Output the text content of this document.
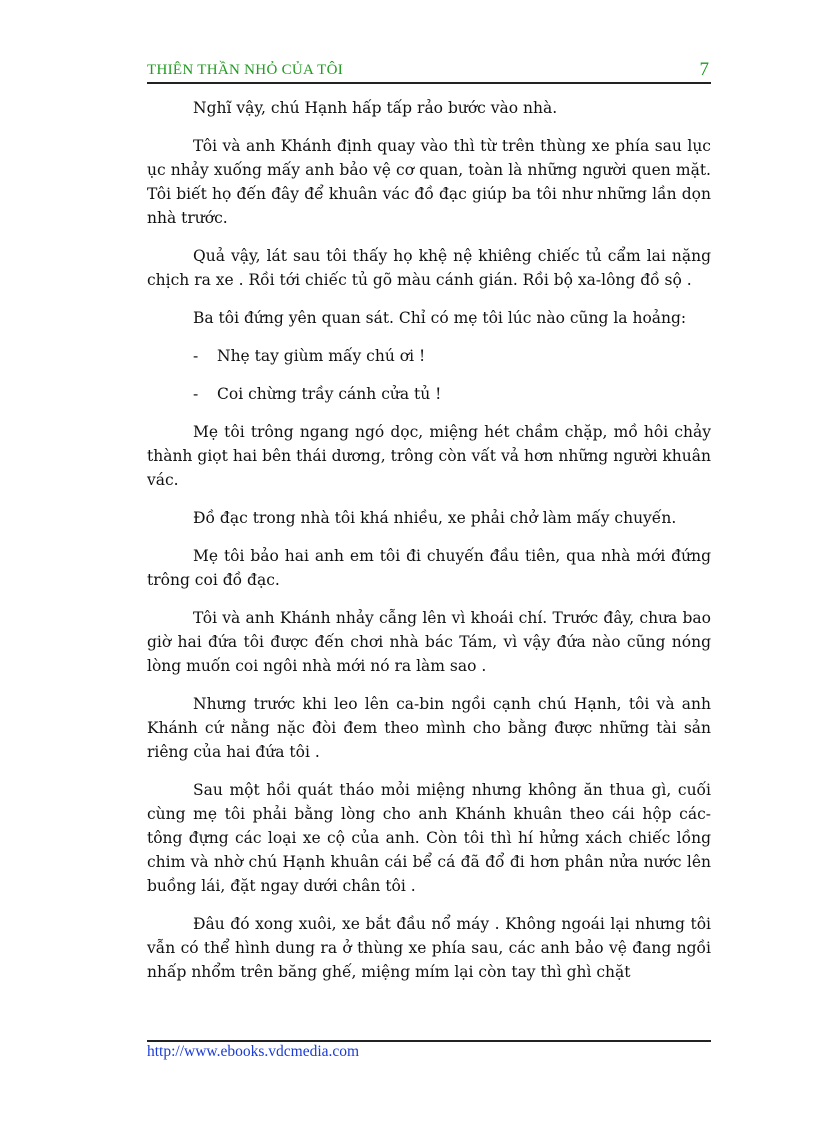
THIÊN THẦN NHỎ CỦA TÔI	7

Nghĩ vậy, chú Hạnh hấp tấp rảo bước vào nhà.

Tôi và anh Khánh định quay vào thì từ trên thùng xe phía sau lục ục nhảy xuống mấy anh bảo vệ cơ quan, toàn là những người quen mặt. Tôi biết họ đến đây để khuân vác đồ đạc giúp ba tôi như những lần dọn nhà trước.

Quả vậy, lát sau tôi thấy họ khệ nệ khiêng chiếc tủ cẩm lai nặng chịch ra xe . Rồi tới chiếc tủ gõ màu cánh gián. Rồi bộ xa-lông đồ sộ .

Ba tôi đứng yên quan sát. Chỉ có mẹ tôi lúc nào cũng la hoảng:

-	Nhẹ tay giùm mấy chú ơi !
-	Coi chừng trầy cánh cửa tủ !

Mẹ tôi trông ngang ngó dọc, miệng hét chầm chặp, mồ hôi chảy thành giọt hai bên thái dương, trông còn vất vả hơn những người khuân vác.

Đồ đạc trong nhà tôi khá nhiều, xe phải chở làm mấy chuyến.

Mẹ tôi bảo hai anh em tôi đi chuyến đầu tiên, qua nhà mới đứng trông coi đồ đạc.

Tôi và anh Khánh nhảy cẫng lên vì khoái chí. Trước đây, chưa bao giờ hai đứa tôi được đến chơi nhà bác Tám, vì vậy đứa nào cũng nóng lòng muốn coi ngôi nhà mới nó ra làm sao .

Nhưng trước khi leo lên ca-bin ngồi cạnh chú Hạnh, tôi và anh Khánh cứ nằng nặc đòi đem theo mình cho bằng được những tài sản riêng của hai đứa tôi .

Sau một hồi quát tháo mỏi miệng nhưng không ăn thua gì, cuối cùng mẹ tôi phải bằng lòng cho anh Khánh khuân theo cái hộp các-tông đựng các loại xe cộ của anh. Còn tôi thì hí hửng xách chiếc lồng chim và nhờ chú Hạnh khuân cái bể cá đã đổ đi hơn phân nửa nước lên buồng lái, đặt ngay dưới chân tôi .

Đâu đó xong xuôi, xe bắt đầu nổ máy . Không ngoái lại nhưng tôi vẫn có thể hình dung ra ở thùng xe phía sau, các anh bảo vệ đang ngồi nhấp nhổm trên băng ghế, miệng mím lại còn tay thì ghì chặt

http://www.ebooks.vdcmedia.com
